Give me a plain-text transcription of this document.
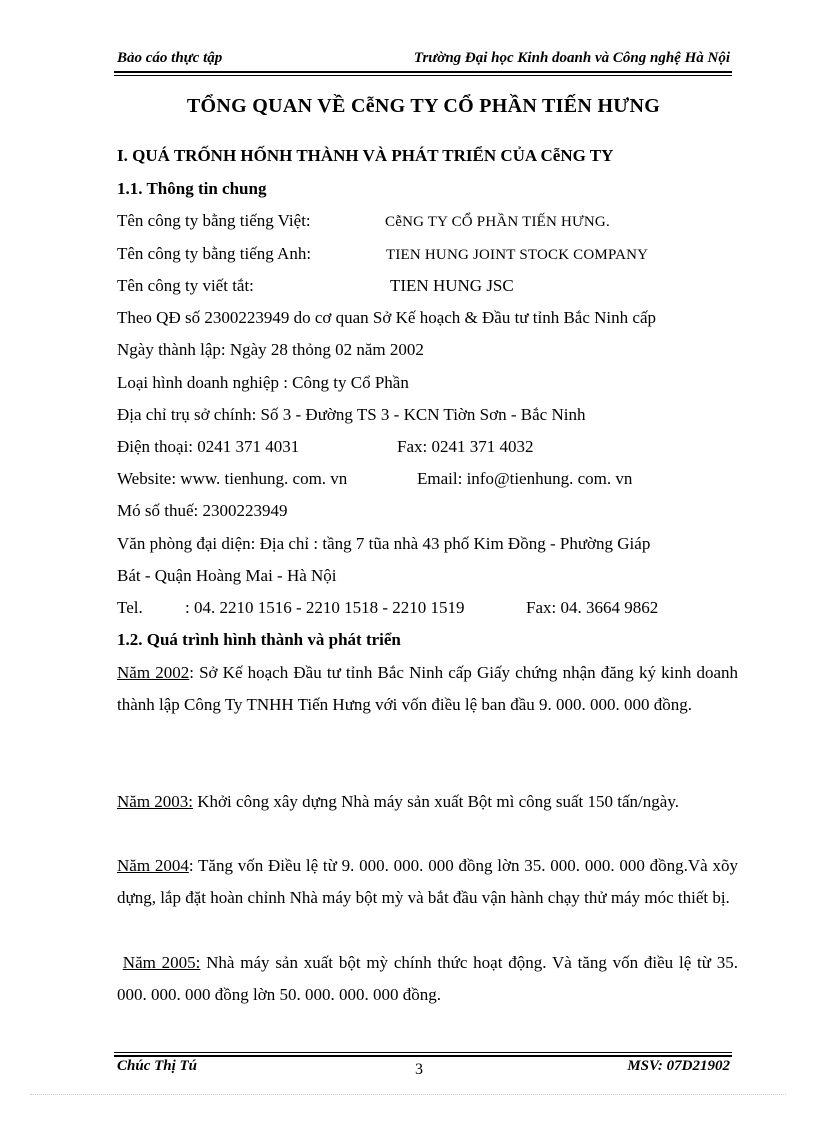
Bảo cáo thực tập	Trường Đại học Kinh doanh và Công nghệ Hà Nội
TỔNG QUAN VỀ CễNG TY CỔ PHẦN TIẾN HƯNG
I. QUÁ TRỐNH HỐNH THÀNH VÀ PHÁT TRIỂN CỦA CễNG TY
1.1. Thông tin chung
Tên công ty bằng tiếng Việt:	CễNG TY CỔ PHẦN TIẾN HƯNG.
Tên công ty bằng tiếng Anh:	TIEN HUNG JOINT STOCK COMPANY
Tên công ty viết tắt:	TIEN HUNG JSC
Theo QĐ số 2300223949 do cơ quan Sở Kế hoạch & Đầu tư tỉnh Bắc Ninh cấp
Ngày thành lập: Ngày 28 thỏng 02 năm 2002
Loại hình doanh nghiệp : Công ty Cổ Phần
Địa chỉ trụ sở chính: Số 3 - Đường TS 3 - KCN Tiờn Sơn - Bắc Ninh
Điện thoại: 0241 371 4031	Fax: 0241 371 4032
Website: www. tienhung. com. vn	Email: info@tienhung. com. vn
Mó số thuế: 2300223949
Văn phòng đại diện: Địa chỉ : tầng 7 tũa nhà 43 phố Kim Đồng - Phường Giáp
Bát - Quận Hoàng Mai - Hà Nội
Tel. : 04. 2210 1516 - 2210 1518 - 2210 1519	Fax: 04. 3664 9862
1.2. Quá trình hình thành và phát triển
Năm 2002: Sở Kế hoạch Đầu tư tỉnh Bắc Ninh cấp Giấy chứng nhận đăng ký kinh doanh thành lập Công Ty TNHH Tiến Hưng với vốn điều lệ ban đầu 9. 000. 000. 000 đồng.
Năm 2003: Khởi công xây dựng Nhà máy sản xuất Bột mì công suất 150 tấn/ngày.
Năm 2004: Tăng vốn Điều lệ từ 9. 000. 000. 000 đồng lờn 35. 000. 000. 000 đồng.Và xõy dựng, lắp đặt hoàn chỉnh Nhà máy bột mỳ và bắt đầu vận hành chạy thử máy móc thiết bị.
Năm 2005: Nhà máy sản xuất bột mỳ chính thức hoạt động. Và tăng vốn điều lệ từ 35. 000. 000. 000 đồng lờn 50. 000. 000. 000 đồng.
Chúc Thị Tú	3	MSV: 07D21902
